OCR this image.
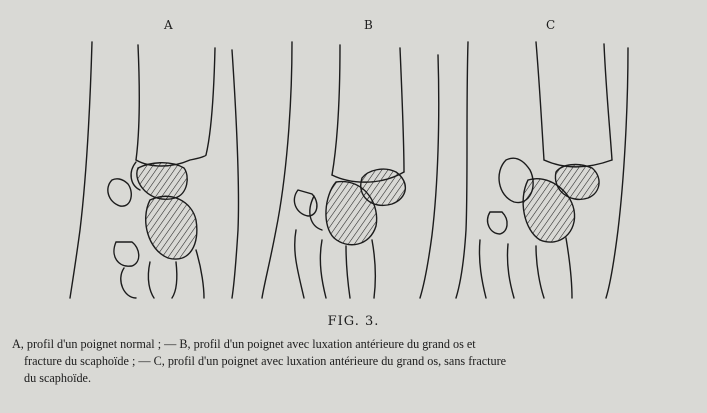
A	B	C
FIG. 3.
A, profil d'un poignet normal ; — B, profil d'un poignet avec luxation antérieure du grand os et
fracture du scaphoïde ; — C, profil d'un poignet avec luxation antérieure du grand os, sans fracture
du scaphoïde.
